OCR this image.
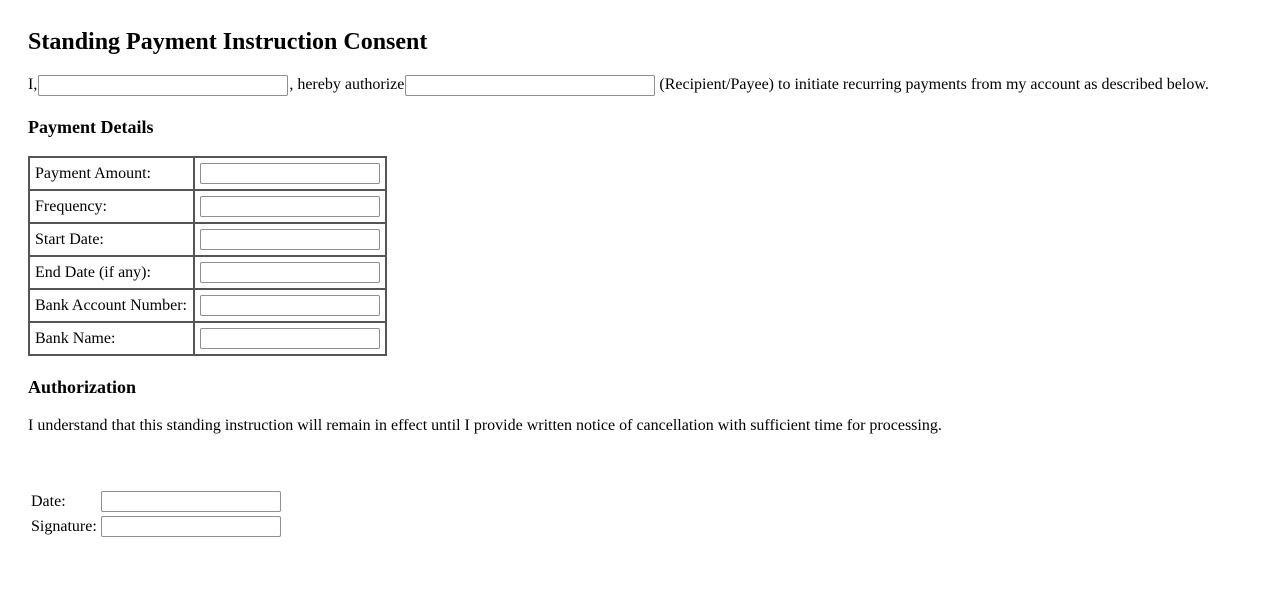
Standing Payment Instruction Consent
I,	, hereby authorize	(Recipient/Payee) to initiate recurring payments from my account as described below.
Payment Details
Payment Amount:	
Frequency:	
Start Date:	
End Date (if any):	
Bank Account Number:	
Bank Name:	
Authorization

I understand that this standing instruction will remain in effect until I provide written notice of cancellation with sufficient time for processing.

Date:	
Signature:	
